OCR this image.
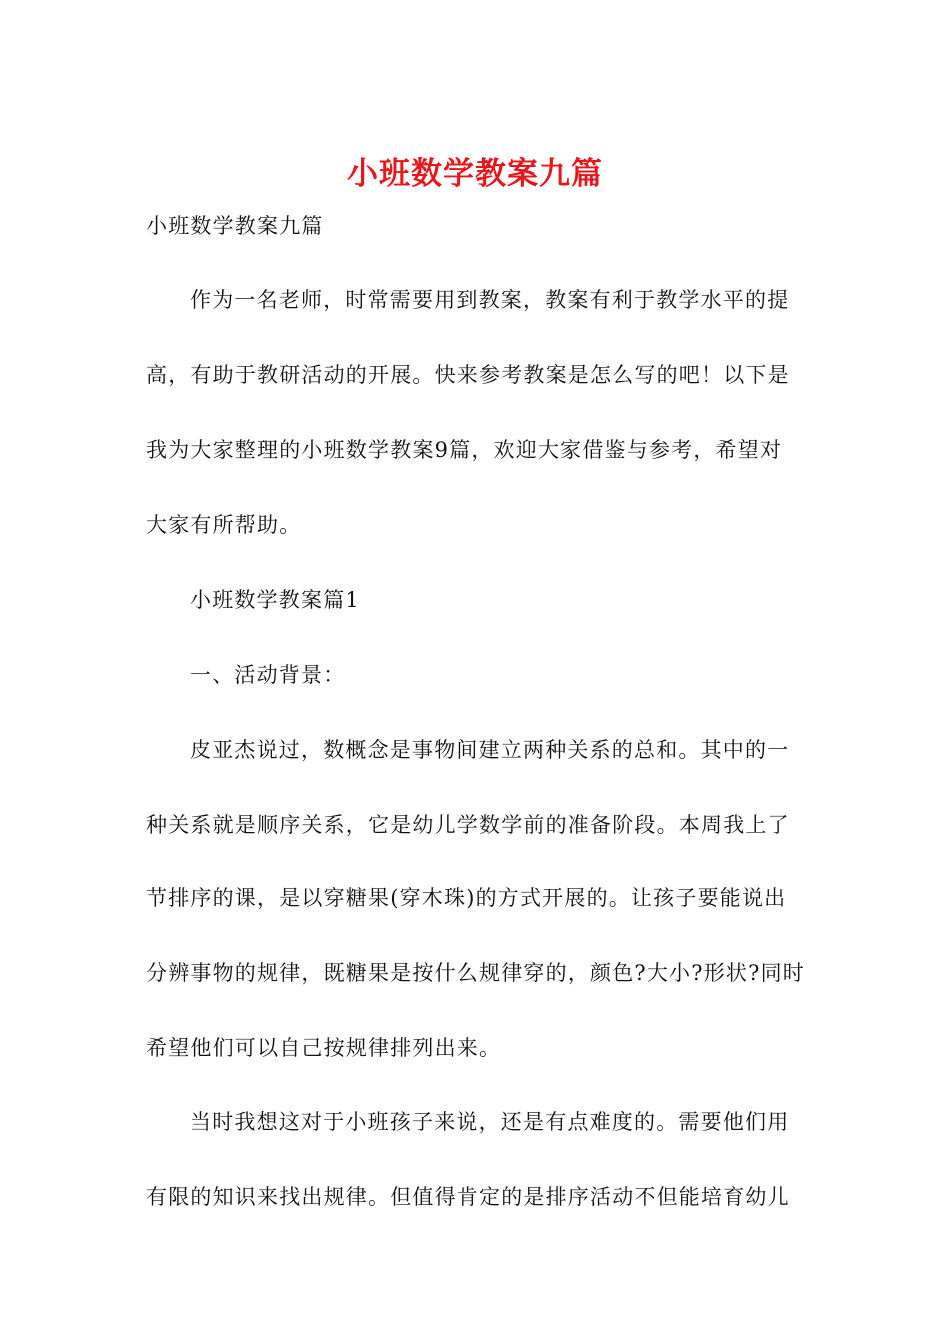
小班数学教案九篇

小班数学教案九篇

作为一名老师，时常需要用到教案，教案有利于教学水平的提

高，有助于教研活动的开展。快来参考教案是怎么写的吧！以下是

我为大家整理的小班数学教案9篇，欢迎大家借鉴与参考，希望对

大家有所帮助。

小班数学教案篇1

一、活动背景：

皮亚杰说过，数概念是事物间建立两种关系的总和。其中的一

种关系就是顺序关系，它是幼儿学数学前的准备阶段。本周我上了

节排序的课，是以穿糖果(穿木珠)的方式开展的。让孩子要能说出

分辨事物的规律，既糖果是按什么规律穿的，颜色?大小?形状?同时

希望他们可以自己按规律排列出来。

当时我想这对于小班孩子来说，还是有点难度的。需要他们用

有限的知识来找出规律。但值得肯定的是排序活动不但能培育幼儿
